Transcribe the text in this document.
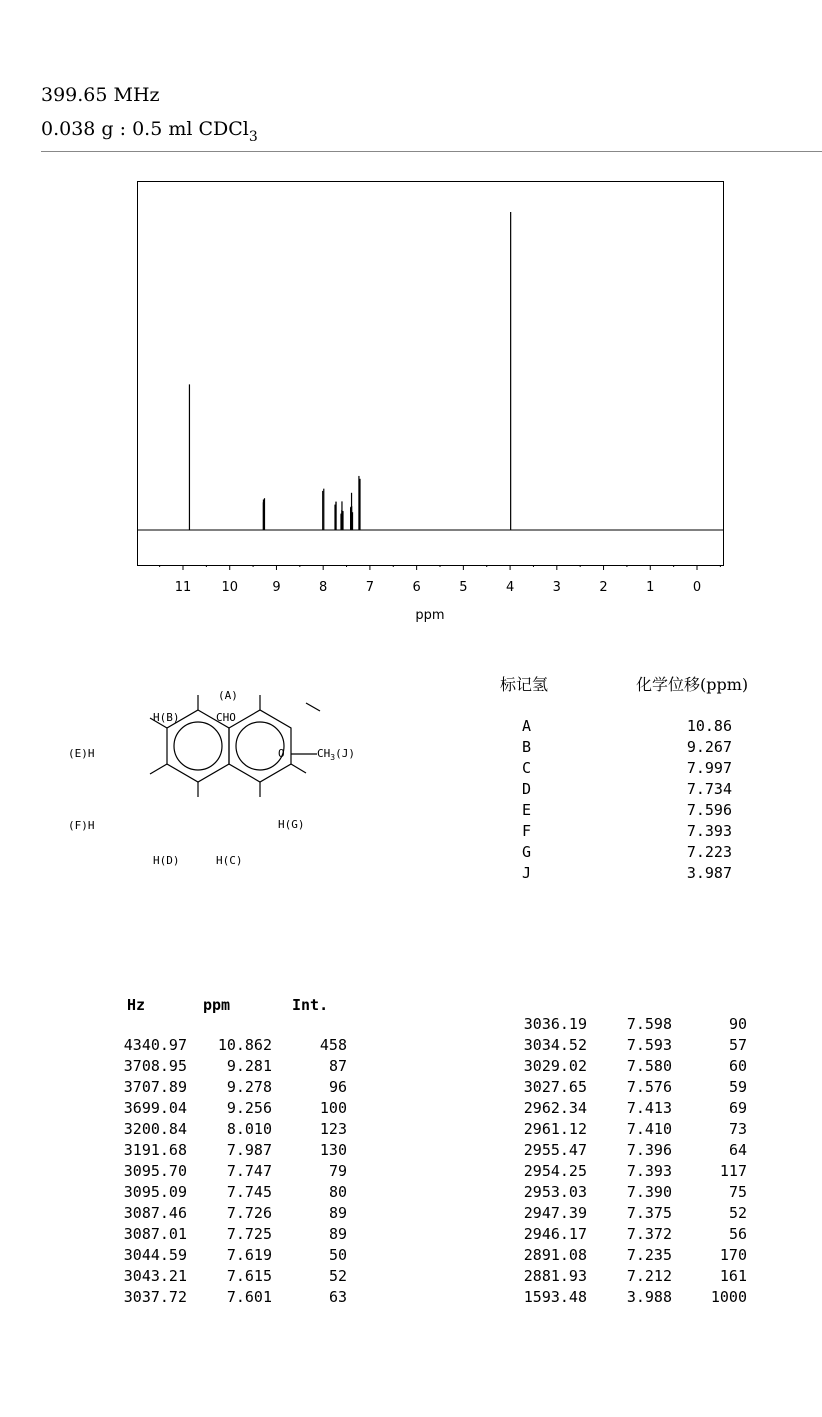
399.65 MHz
0.038 g : 0.5 ml CDCl$_3$
11 10	9	8	7	6	5	4	3	2	1	0
ppm
(A)
CHO
H(B)
(E)H
(F)H
H(D)	H(C)
H(G)
O	$CH_3(J)$
标记氢	化学位移(ppm)
A	10.86
B	9.267
C	7.997
D	7.734
E	7.596
F	7.393
G	7.223
J	3.987
Hz	ppm	Int.
4340.97 10.862	458
3708.95	9.281	87
3707.89	9.278	96
3699.04	9.256	100
3200.84	8.010	123
3191.68	7.987	130
3095.70	7.747	79
3095.09	7.745	80
3087.46	7.726	89
3087.01	7.725	89
3044.59	7.619	50
3043.21	7.615	52
3037.72	7.601	63
3036.19	7.598	90
3034.52	7.593	57
3029.02	7.580	60
3027.65	7.576	59
2962.34	7.413	69
2961.12	7.410	73
2955.47	7.396	64
2954.25	7.393	117
2953.03	7.390	75
2947.39	7.375	52
2946.17	7.372	56
2891.08	7.235	170
2881.93	7.212	161
1593.48	3.988	1000
